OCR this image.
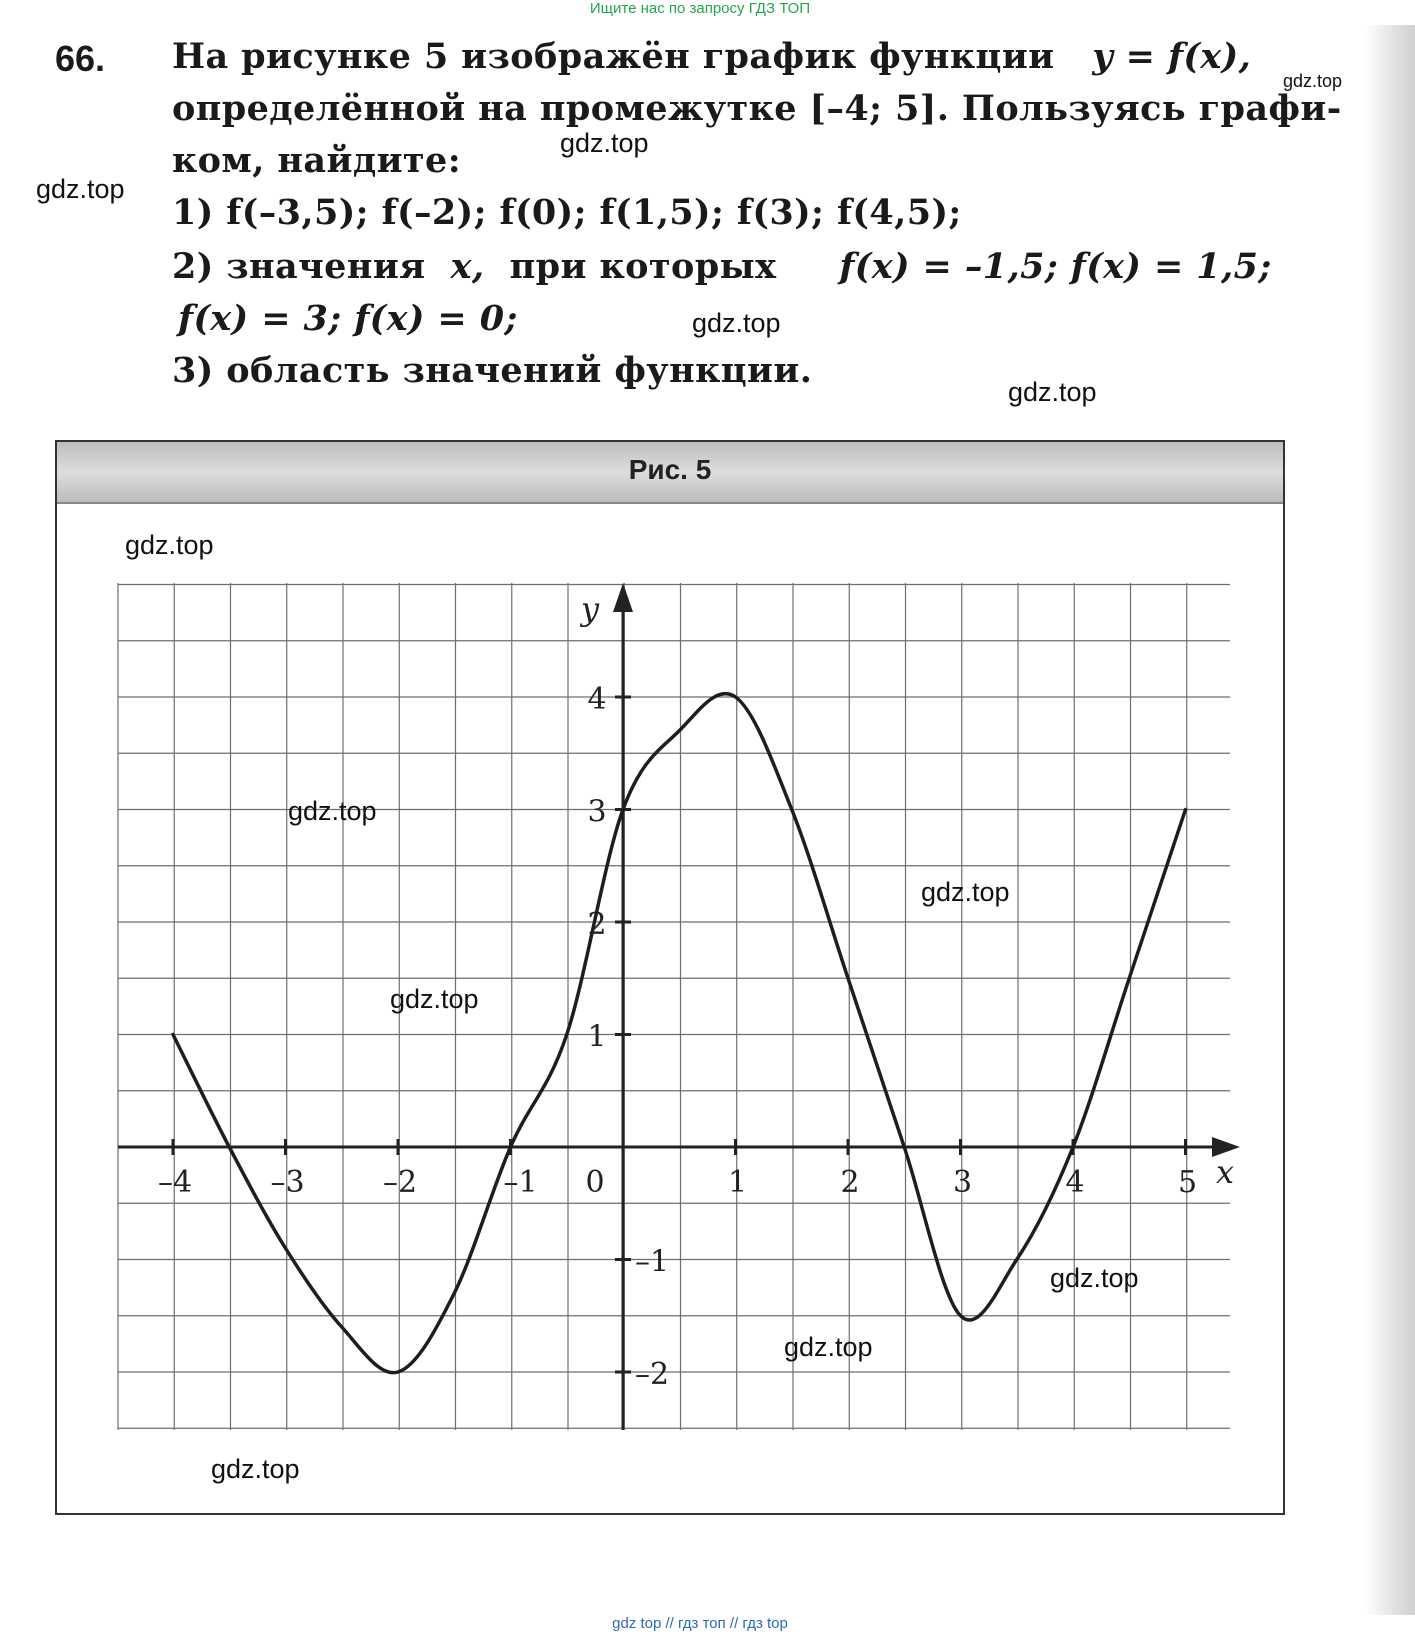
Ищите нас по запросу ГДЗ ТОП
66. На рисунке 5 изображён график функции y = f(x),
определённой на промежутке [–4; 5]. Пользуясь графи-
ком, найдите:
1) f(–3,5); f(–2); f(0); f(1,5); f(3); f(4,5);
2) значения x, при которых f(x) = –1,5; f(x) = 1,5;
f(x) = 3; f(x) = 0;
3) область значений функции.
Рис. 5
–4	–3	–2	–1 0	1	2	3	4	5
–2
–1
1
2
3
4
x
y
gdz.top
gdz.top
gdz.top
gdz.top
gdz.top
gdz.top
gdz.top
gdz.top
gdz.top
gdz.top
gdz.top
gdz.top
gdz top // гдз топ // гдз top
